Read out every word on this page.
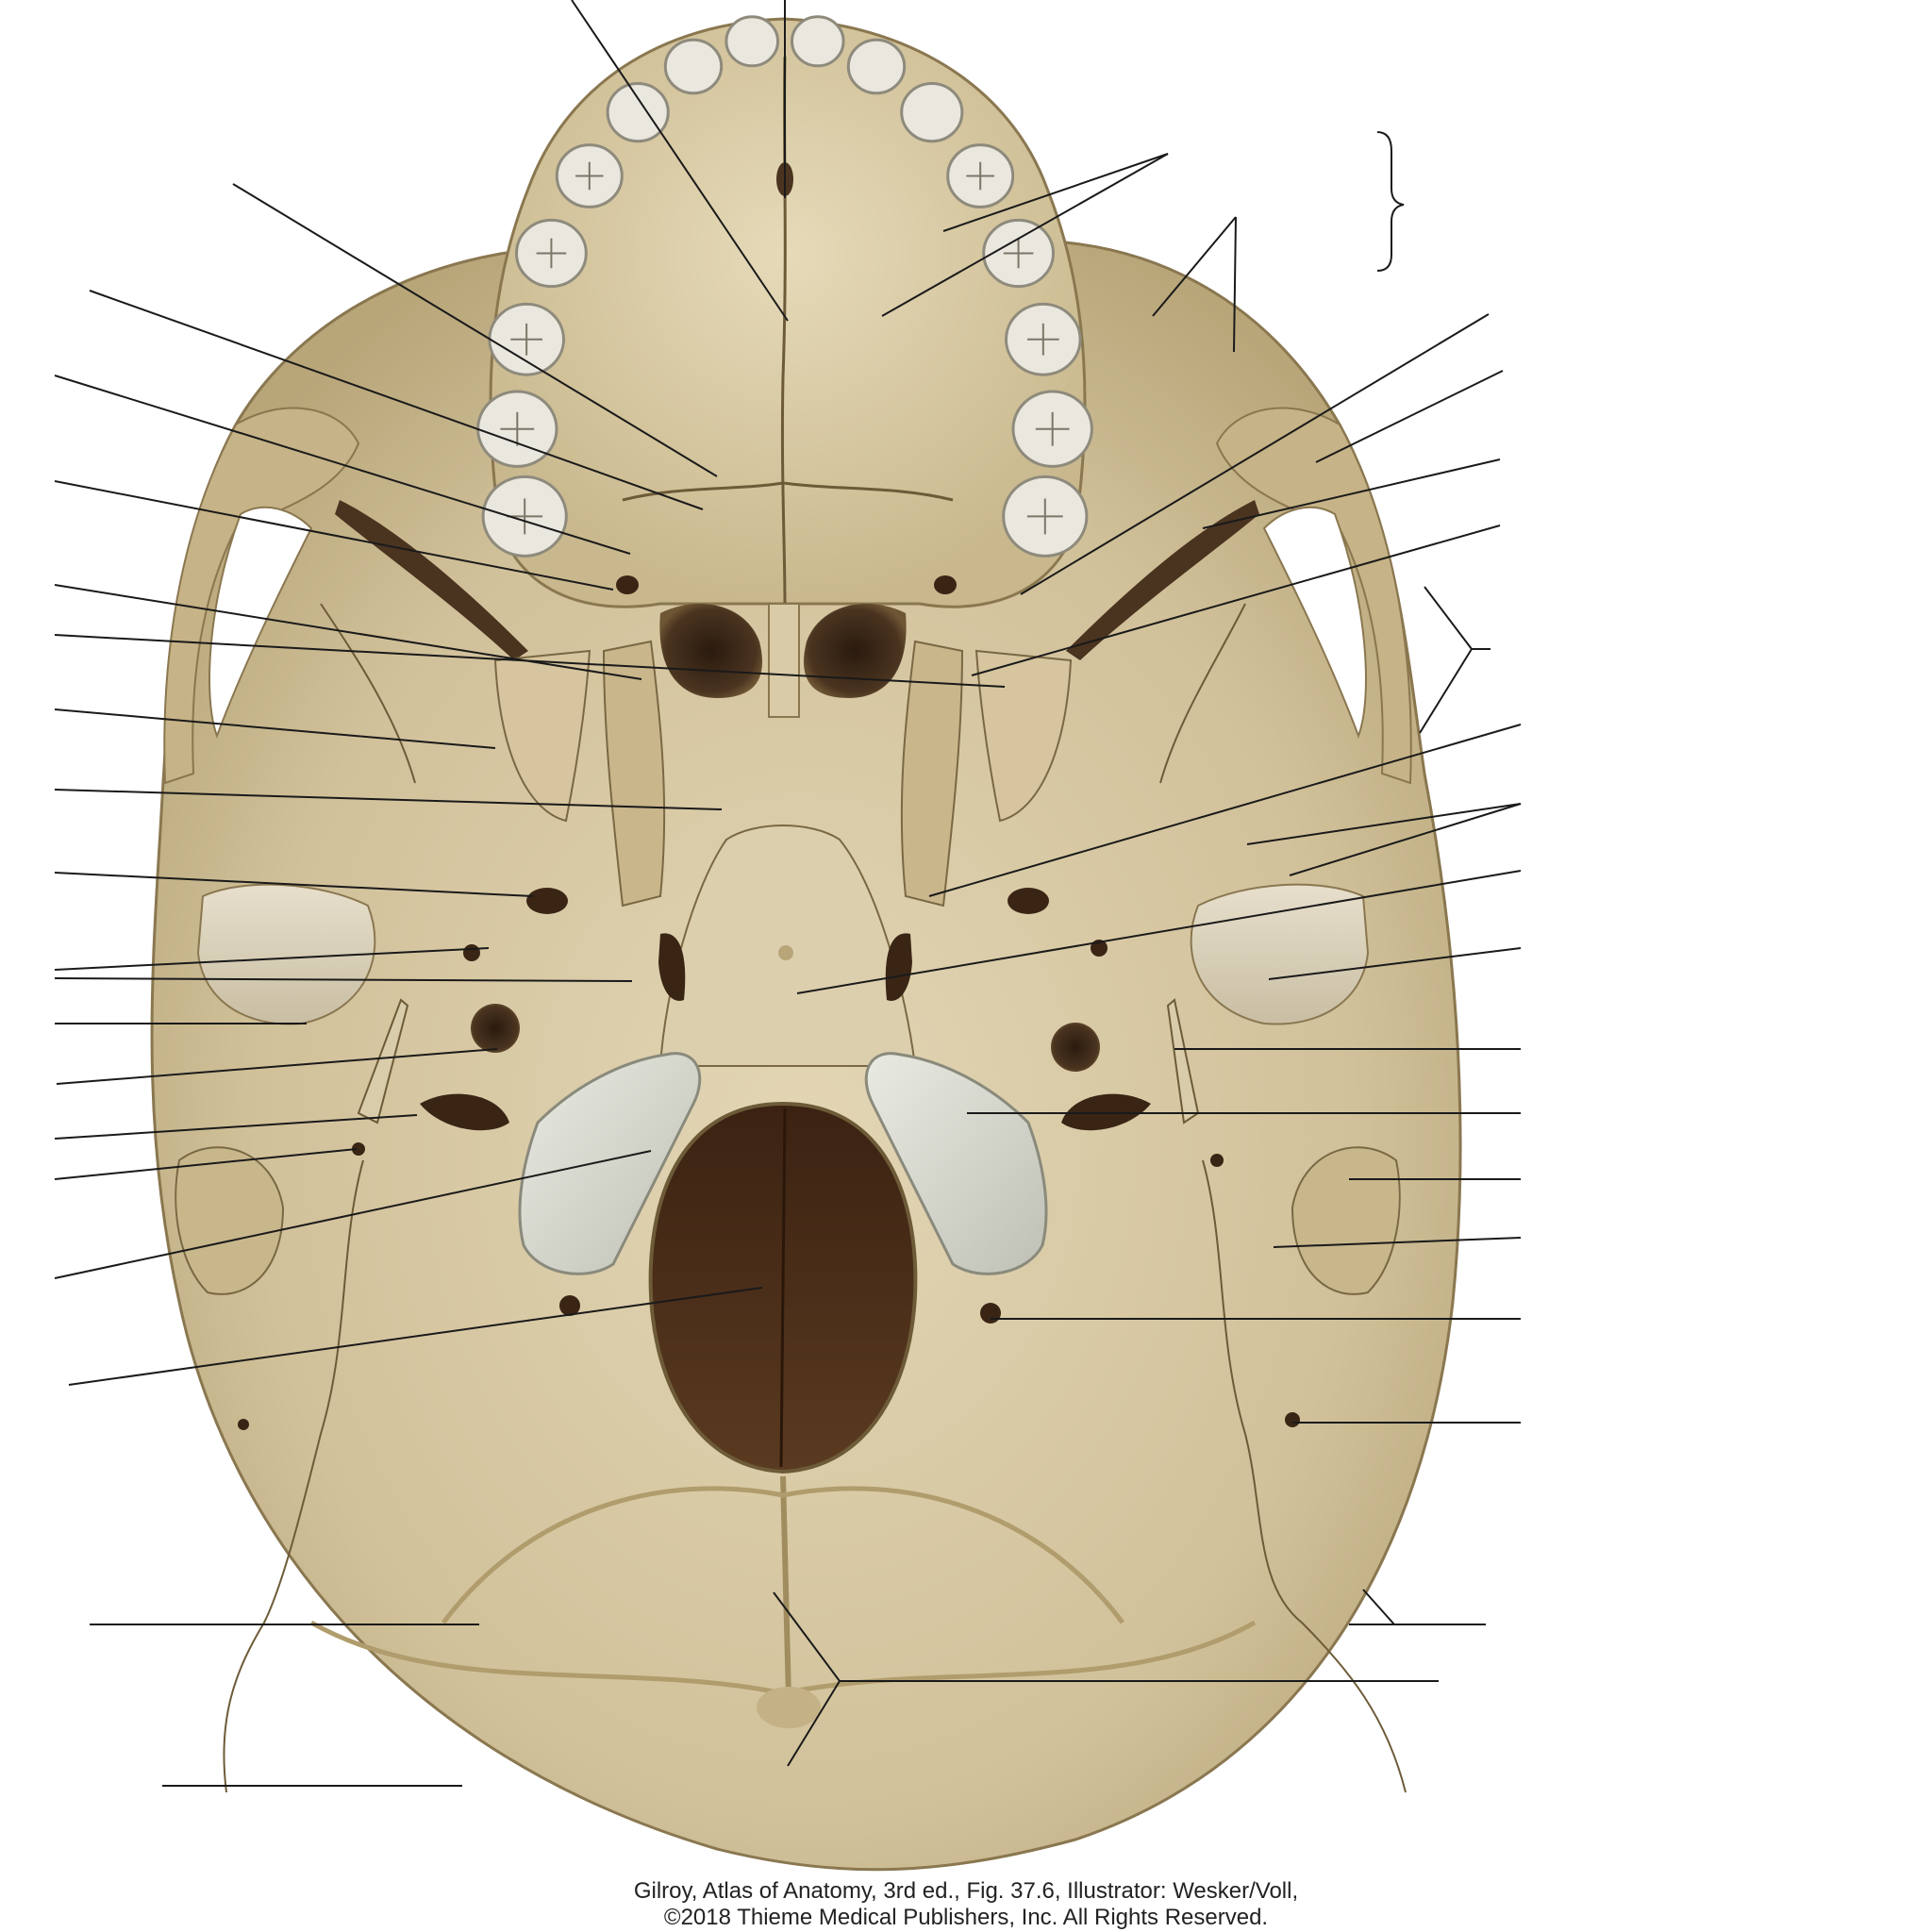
Gilroy, Atlas of Anatomy, 3rd ed., Fig. 37.6, Illustrator: Wesker/Voll,
©2018 Thieme Medical Publishers, Inc. All Rights Reserved.
